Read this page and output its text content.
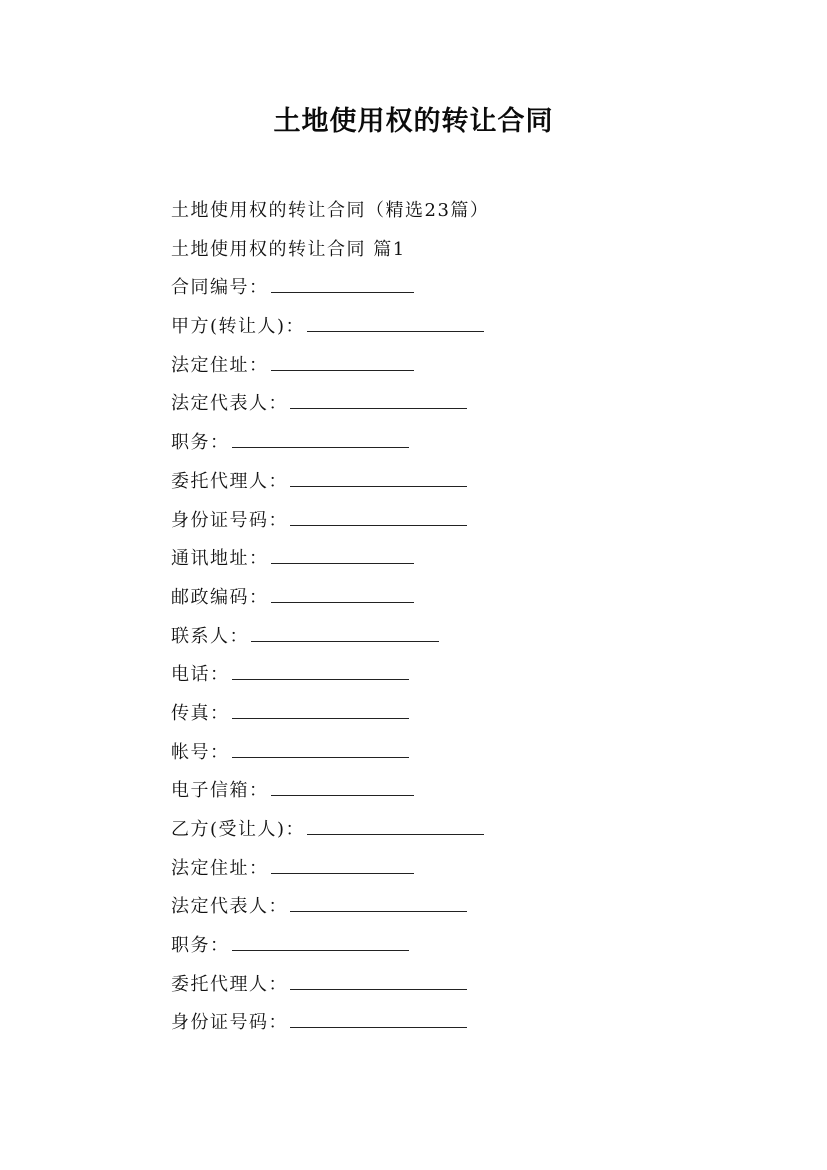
土地使用权的转让合同
土地使用权的转让合同（精选23篇）
土地使用权的转让合同 篇1
合同编号：
甲方(转让人)：
法定住址：
法定代表人：
职务：
委托代理人：
身份证号码：
通讯地址：
邮政编码：
联系人：
电话：
传真：
帐号：
电子信箱：
乙方(受让人)：
法定住址：
法定代表人：
职务：
委托代理人：
身份证号码：
